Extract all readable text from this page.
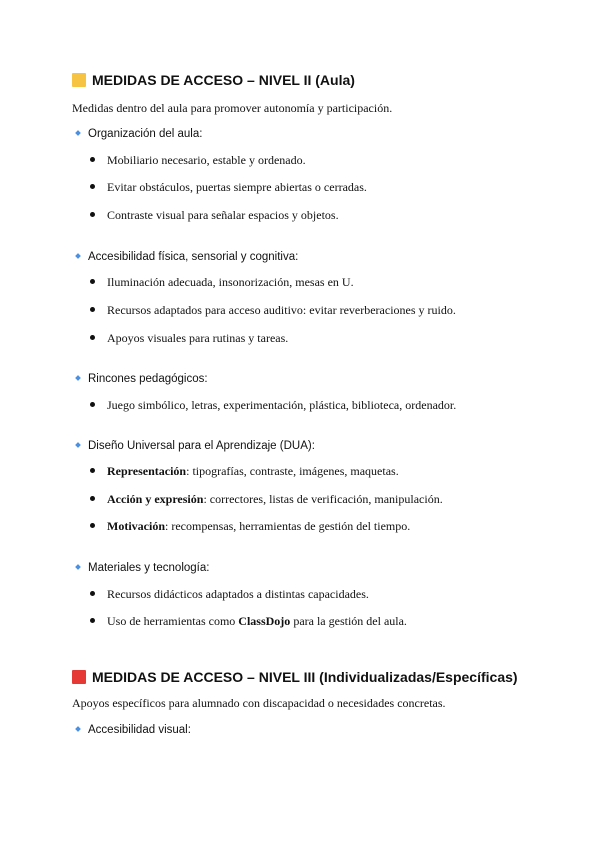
MEDIDAS DE ACCESO – NIVEL II (Aula)
Medidas dentro del aula para promover autonomía y participación.
Organización del aula:
Mobiliario necesario, estable y ordenado.
Evitar obstáculos, puertas siempre abiertas o cerradas.
Contraste visual para señalar espacios y objetos.
Accesibilidad física, sensorial y cognitiva:
Iluminación adecuada, insonorización, mesas en U.
Recursos adaptados para acceso auditivo: evitar reverberaciones y ruido.
Apoyos visuales para rutinas y tareas.
Rincones pedagógicos:
Juego simbólico, letras, experimentación, plástica, biblioteca, ordenador.
Diseño Universal para el Aprendizaje (DUA):
Representación: tipografías, contraste, imágenes, maquetas.
Acción y expresión: correctores, listas de verificación, manipulación.
Motivación: recompensas, herramientas de gestión del tiempo.
Materiales y tecnología:
Recursos didácticos adaptados a distintas capacidades.
Uso de herramientas como ClassDojo para la gestión del aula.
MEDIDAS DE ACCESO – NIVEL III (Individualizadas/Específicas)
Apoyos específicos para alumnado con discapacidad o necesidades concretas.
Accesibilidad visual:
